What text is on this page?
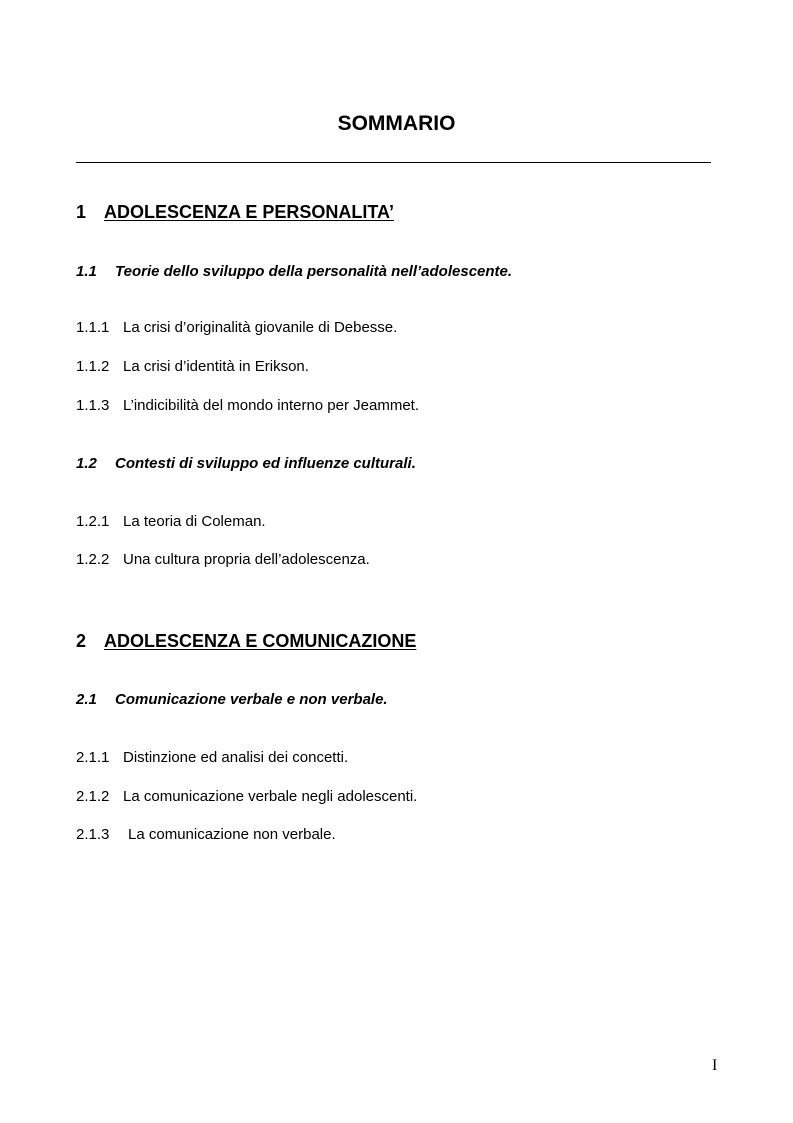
SOMMARIO
1 ADOLESCENZA E PERSONALITA’
1.1 Teorie dello sviluppo della personalità nell’adolescente.
1.1.1 La crisi d’originalità giovanile di Debesse.
1.1.2 La crisi d’identità in Erikson.
1.1.3 L’indicibilità del mondo interno per Jeammet.
1.2 Contesti di sviluppo ed influenze culturali.
1.2.1 La teoria di Coleman.
1.2.2 Una cultura propria dell’adolescenza.
2 ADOLESCENZA E COMUNICAZIONE
2.1 Comunicazione verbale e non verbale.
2.1.1 Distinzione ed analisi dei concetti.
2.1.2 La comunicazione verbale negli adolescenti.
2.1.3 La comunicazione non verbale.
I
